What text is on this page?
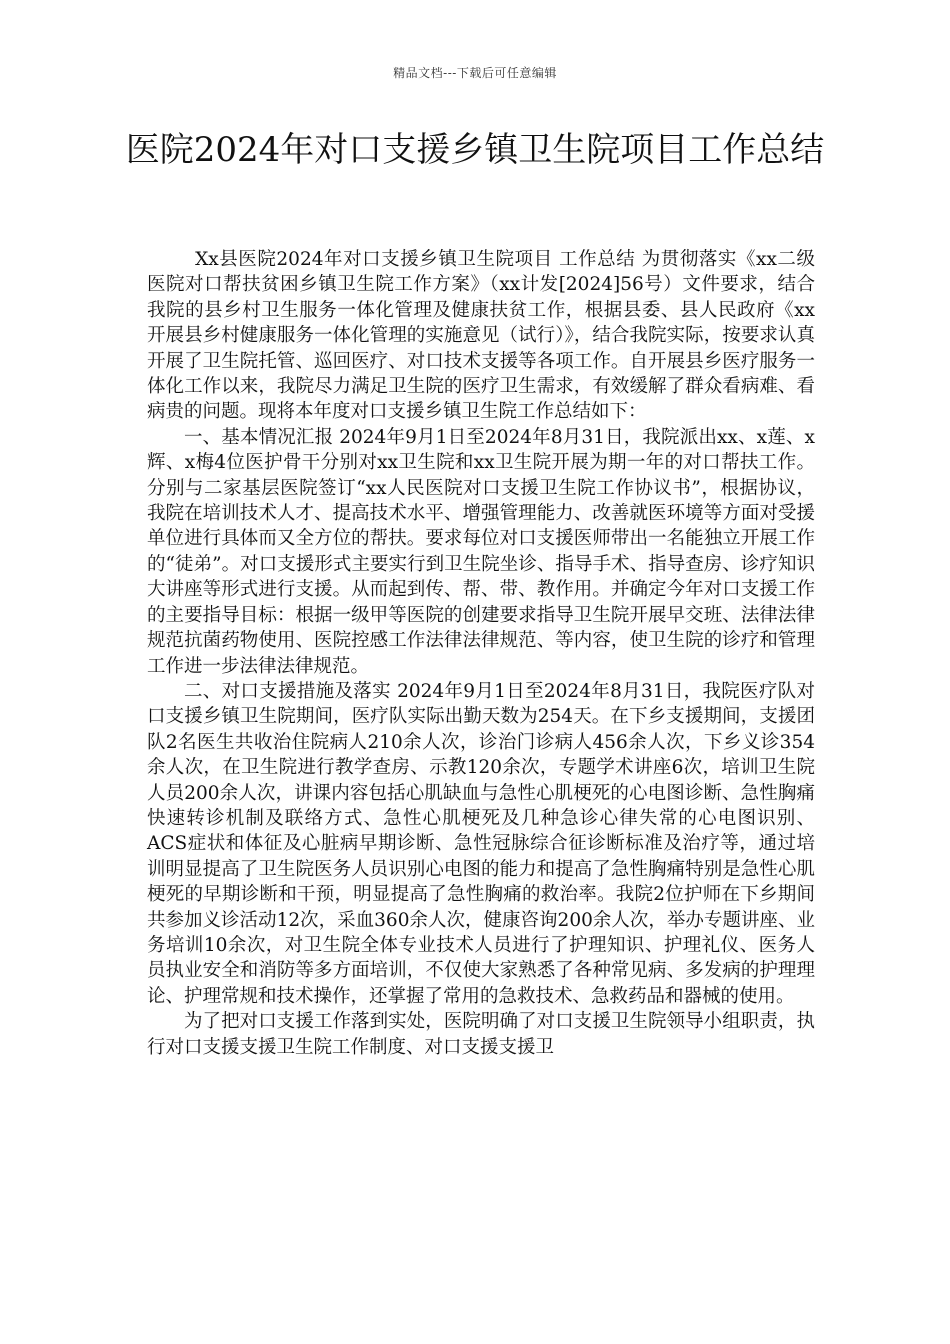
精品文档---下载后可任意编辑
医院2024年对口支援乡镇卫生院项目工作总结

Xx县医院2024年对口支援乡镇卫生院项目 工作总结 为贯彻落实《xx二级医院对口帮扶贫困乡镇卫生院工作方案》（xx计发[2024]56号）文件要求，结合我院的县乡村卫生服务一体化管理及健康扶贫工作，根据县委、县人民政府《xx开展县乡村健康服务一体化管理的实施意见（试行）》，结合我院实际，按要求认真开展了卫生院托管、巡回医疗、对口技术支援等各项工作。自开展县乡医疗服务一体化工作以来，我院尽力满足卫生院的医疗卫生需求，有效缓解了群众看病难、看病贵的问题。现将本年度对口支援乡镇卫生院工作总结如下：

一、基本情况汇报 2024年9月1日至2024年8月31日，我院派出xx、x莲、x辉、x梅4位医护骨干分别对xx卫生院和xx卫生院开展为期一年的对口帮扶工作。分别与二家基层医院签订“xx人民医院对口支援卫生院工作协议书”，根据协议，我院在培训技术人才、提高技术水平、增强管理能力、改善就医环境等方面对受援单位进行具体而又全方位的帮扶。要求每位对口支援医师带出一名能独立开展工作的“徒弟”。对口支援形式主要实行到卫生院坐诊、指导手术、指导查房、诊疗知识大讲座等形式进行支援。从而起到传、帮、带、教作用。并确定今年对口支援工作的主要指导目标：根据一级甲等医院的创建要求指导卫生院开展早交班、法律法律规范抗菌药物使用、医院控感工作法律法律规范、等内容，使卫生院的诊疗和管理工作进一步法律法律规范。

二、对口支援措施及落实 2024年9月1日至2024年8月31日，我院医疗队对口支援乡镇卫生院期间，医疗队实际出勤天数为254天。在下乡支援期间，支援团队2名医生共收治住院病人210余人次，诊治门诊病人456余人次，下乡义诊354余人次，在卫生院进行教学查房、示教120余次，专题学术讲座6次，培训卫生院人员200余人次，讲课内容包括心肌缺血与急性心肌梗死的心电图诊断、急性胸痛快速转诊机制及联络方式、急性心肌梗死及几种急诊心律失常的心电图识别、ACS症状和体征及心脏病早期诊断、急性冠脉综合征诊断标准及治疗等，通过培训明显提高了卫生院医务人员识别心电图的能力和提高了急性胸痛特别是急性心肌梗死的早期诊断和干预，明显提高了急性胸痛的救治率。我院2位护师在下乡期间共参加义诊活动12次，采血360余人次，健康咨询200余人次，举办专题讲座、业务培训10余次，对卫生院全体专业技术人员进行了护理知识、护理礼仪、医务人员执业安全和消防等多方面培训，不仅使大家熟悉了各种常见病、多发病的护理理论、护理常规和技术操作，还掌握了常用的急救技术、急救药品和器械的使用。

为了把对口支援工作落到实处，医院明确了对口支援卫生院领导小组职责，执行对口支援支援卫生院工作制度、对口支援支援卫
